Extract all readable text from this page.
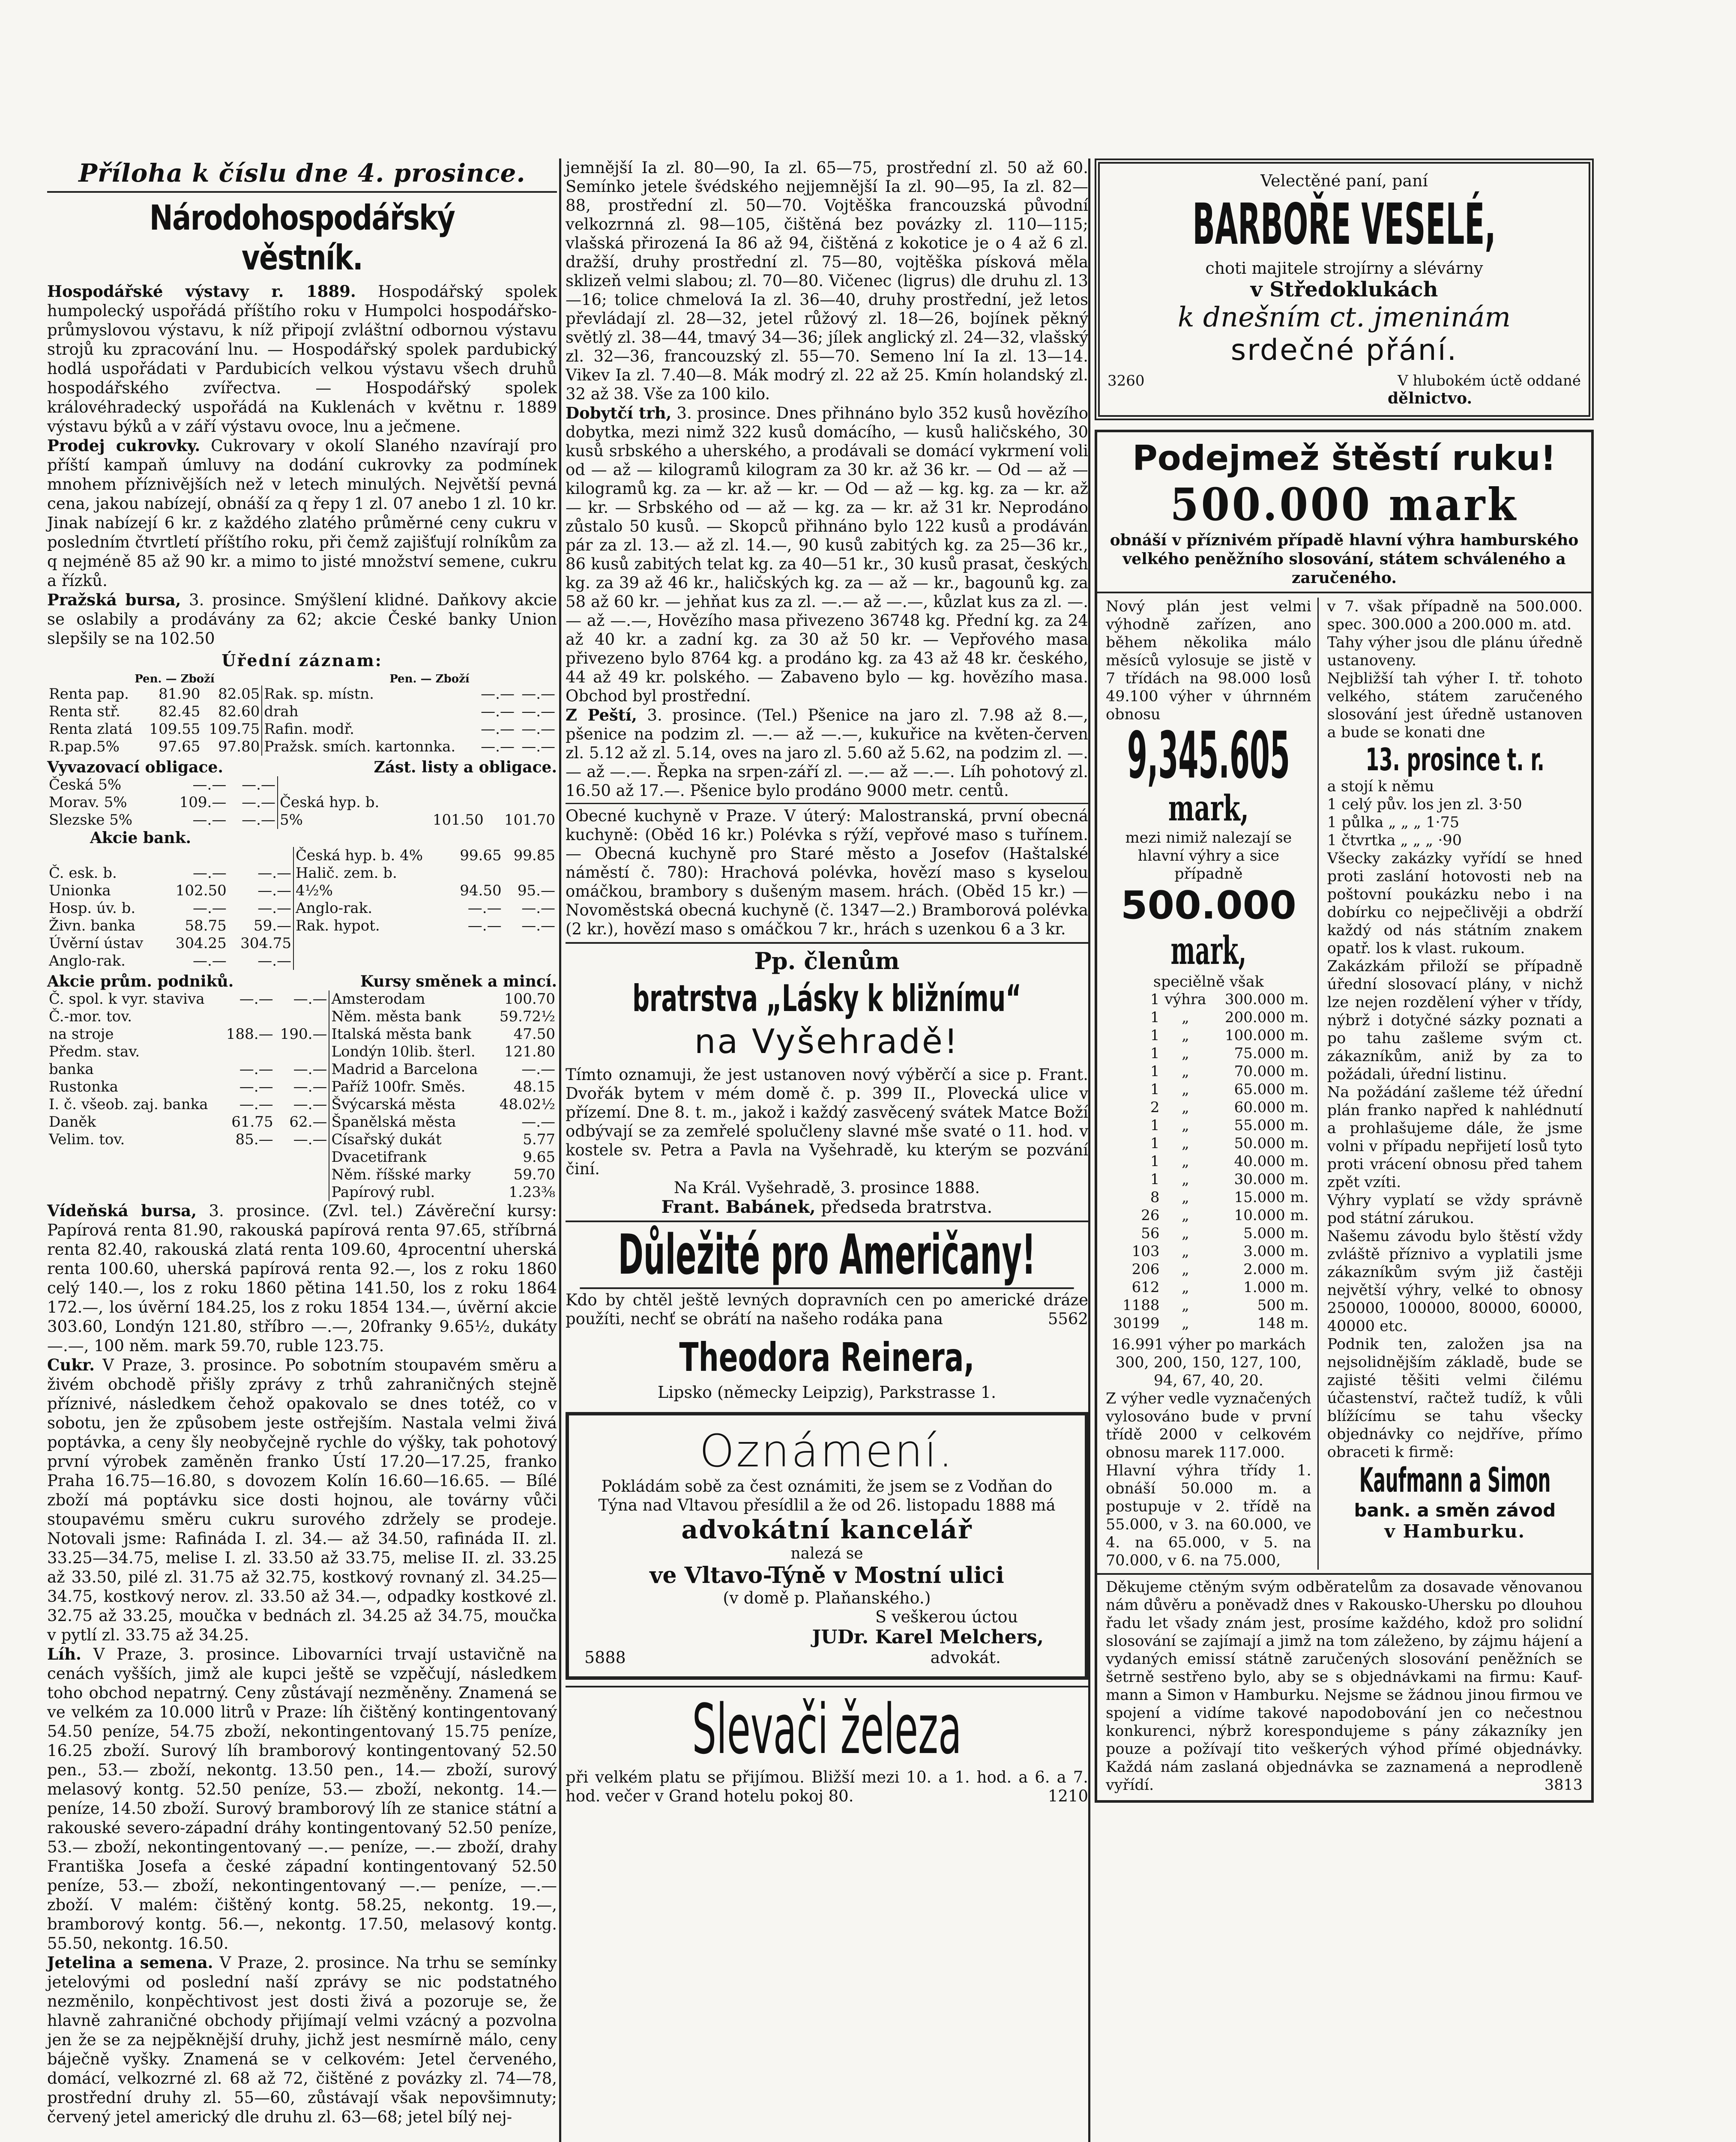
Příloha k číslu dne 4. prosince.
Národohospodářský věstník.

Hospodářské výstavy r. 1889. Hospodářský spolek humpolecký uspořádá příštího roku v Humpolci hospodářsko-průmyslovou výstavu, k níž připojí zvláštní odbornou výstavu strojů ku zpracování lnu. — Hospodářský spolek pardubický hodlá uspořádati v Pardubicích velkou výstavu všech druhů hospodářského zvířectva. — Hospodářský spolek královéhradecký uspořádá na Kuklenách v květnu r. 1889 výstavu býků a v září výstavu ovoce, lnu a ječmene.

Prodej cukrovky. Cukrovary v okolí Slaného nzavírají pro příští kampaň úmluvy na dodání cukrovky za podmínek mnohem příznivějších než v letech minulých. Největší pevná cena, jakou nabízejí, obnáší za q řepy 1 zl. 07 anebo 1 zl. 10 kr. Jinak nabízejí 6 kr. z každého zlatého průměrné ceny cukru v posledním čtvrtletí příštího roku, při čemž zajišťují rolníkům za q nejméně 85 až 90 kr. a mimo to jisté množství semene, cukru a řízků.

Pražská bursa, 3. prosince. Smýšlení klidné. Daňkovy akcie se oslabily a prodávány za 62; akcie České banky Union slepšily se na 102.50

Úřední záznam:
Pen. — Zboží	Pen. — Zboží
Renta pap.	81.90	82.05	Rak. sp. místn.	—.—	—.—
Renta stř.	82.45	82.60	drah	—.—	—.—
Renta zlatá	109.55	109.75	Rafin. modř.	—.—	—.—
R.pap.5%	97.65	97.80	Pražsk. smích. kartonnka.	—.—	—.—
Vyvazovací obligace.	Zást. listy a obligace.
Česká 5%	—.—	—.—			
Morav. 5%	109.—	—.—	Česká hyp. b.		
Slezske 5%	—.—	—.—	5%	101.50	101.70
Akcie bank.
			Česká hyp. b. 4%	99.65	99.85
Č. esk. b.	—.—	—.—	Halič. zem. b.		
Unionka	102.50	—.—	4½%	94.50	95.—
Hosp. úv. b.	—.—	—.—	Anglo-rak.	—.—	—.—
Živn. banka	58.75	59.—	Rak. hypot.	—.—	—.—
Úvěrní ústav	304.25	304.75			
Anglo-rak.	—.—	—.—			
Akcie prům. podniků.	Kursy směnek a mincí.
Č. spol. k vyr. staviva	—.—	—.—	Amsterodam		100.70
Č.-mor. tov.			Něm. města bank		59.72½
na stroje	188.—	190.—	Italská města bank		47.50
Předm. stav.			Londýn 10lib. šterl.		121.80
banka	—.—	—.—	Madrid a Barcelona		—.—
Rustonka	—.—	—.—	Paříž 100fr. Směs.		48.15
I. č. všeob. zaj. banka	—.—	—.—	Švýcarská města		48.02½
Daněk	61.75	62.—	Španělská města		—.—
Velim. tov.	85.—	—.—	Císařský dukát		5.77
			Dvacetifrank		9.65
			Něm. říšské marky		59.70
			Papírový rubl.		1.23⅜

Vídeňská bursa, 3. prosince. (Zvl. tel.) Závěreční kursy: Papírová renta 81.90, rakouská papírová renta 97.65, stříbrná renta 82.40, rakouská zlatá renta 109.60, 4procentní uherská renta 100.60, uherská papírová renta 92.—, los z roku 1860 celý 140.—, los z roku 1860 pětina 141.50, los z roku 1864 172.—, los úvěrní 184.25, los z roku 1854 134.—, úvěrní akcie 303.60, Londýn 121.80, stříbro —.—, 20franky 9.65½, dukáty —.—, 100 něm. mark 59.70, ruble 123.75.

Cukr. V Praze, 3. prosince. Po sobotním stoupavém směru a živém obchodě přišly zprávy z trhů zahraničných stejně příznivé, následkem čehož opakovalo se dnes totéž, co v sobotu, jen že způsobem jeste ostřejším. Nastala velmi živá poptávka, a ceny šly neobyčejně rychle do výšky, tak pohotový první výrobek zaměněn franko Ústí 17.20—17.25, franko Praha 16.75—16.80, s dovozem Kolín 16.60—16.65. — Bílé zboží má poptávku sice dosti hojnou, ale továrny vůči stoupavému směru cukru surového zdržely se prodeje. Notovali jsme: Rafináda I. zl. 34.— až 34.50, rafináda II. zl. 33.25—34.75, melise I. zl. 33.50 až 33.75, melise II. zl. 33.25 až 33.50, pilé zl. 31.75 až 32.75, kostkový rovnaný zl. 34.25—34.75, kostkový nerov. zl. 33.50 až 34.—, odpadky kostkové zl. 32.75 až 33.25, moučka v bednách zl. 34.25 až 34.75, moučka v pytlí zl. 33.75 až 34.25.

Líh. V Praze, 3. prosince. Libovarníci trvají ustavičně na cenách vyšších, jimž ale kupci ještě se vzpěčují, následkem toho obchod nepatrný. Ceny zůstávají nezměněny. Znamená se ve velkém za 10.000 litrů v Praze: líh čištěný kontingentovaný 54.50 peníze, 54.75 zboží, nekontingentovaný 15.75 peníze, 16.25 zboží. Surový líh bramborový kontingentovaný 52.50 pen., 53.— zboží, nekontg. 13.50 pen., 14.— zboží, surový melasový kontg. 52.50 peníze, 53.— zboží, nekontg. 14.— peníze, 14.50 zboží. Surový bramborový líh ze stanice státní a rakouské severo-západní dráhy kontingentovaný 52.50 peníze, 53.— zboží, nekontingentovaný —.— peníze, —.— zboží, drahy Františka Josefa a české západní kontingentovaný 52.50 peníze, 53.— zboží, nekontingentovaný —.— peníze, —.— zboží. V malém: čištěný kontg. 58.25, nekontg. 19.—, bramborový kontg. 56.—, nekontg. 17.50, melasový kontg. 55.50, nekontg. 16.50.

Jetelina a semena. V Praze, 2. prosince. Na trhu se semínky jetelovými od poslední naší zprávy se nic podstatného nezměnilo, konpěchtivost jest dosti živá a pozoruje se, že hlavně zahraničné obchody přijímají velmi vzácný a pozvolna jen že se za nejpěknější druhy, jichž jest nesmírně málo, ceny báječně vyšky. Znamená se v celkovém: Jetel červeného, domácí, velkozrné zl. 68 až 72, čištěné z povázky zl. 74—78, prostřední druhy zl. 55—60, zůstávají však nepovšimnuty; červený jetel americký dle druhu zl. 63—68; jetel bílý nej-

jemnější Ia zl. 80—90, Ia zl. 65—75, prostřední zl. 50 až 60. Semínko jetele švédského nejjemnější Ia zl. 90—95, Ia zl. 82—88, prostřední zl. 50—70. Vojtěška francouzská původní velkozrnná zl. 98—105, čištěná bez povázky zl. 110—115; vlašská přirozená Ia 86 až 94, čištěná z kokotice je o 4 až 6 zl. dražší, druhy prostřední zl. 75—80, vojtěška písková měla sklizeň velmi slabou; zl. 70—80. Vičenec (ligrus) dle druhu zl. 13—16; tolice chmelová Ia zl. 36—40, druhy prostřední, jež letos převládají zl. 28—32, jetel růžový zl. 18—26, bojínek pěkný světlý zl. 38—44, tmavý 34—36; jílek anglický zl. 24—32, vlašský zl. 32—36, francouzský zl. 55—70. Semeno lní Ia zl. 13—14. Vikev Ia zl. 7.40—8. Mák modrý zl. 22 až 25. Kmín holandský zl. 32 až 38. Vše za 100 kilo.

Dobytčí trh, 3. prosince. Dnes přihnáno bylo 352 kusů hovězího dobytka, mezi nimž 322 kusů domácího, — kusů haličského, 30 kusů srbského a uherského, a prodávali se domácí vykrmení voli od — až — kilogramů kilogram za 30 kr. až 36 kr. — Od — až — kilogramů kg. za — kr. až — kr. — Od — až — kg. kg. za — kr. až — kr. — Srbského od — až — kg. za — kr. až 31 kr. Neprodáno zůstalo 50 kusů. — Skopců přihnáno bylo 122 kusů a prodáván pár za zl. 13.— až zl. 14.—, 90 kusů zabitých kg. za 25—36 kr., 86 kusů zabitých telat kg. za 40—51 kr., 30 kusů prasat, českých kg. za 39 až 46 kr., haličských kg. za — až — kr., bagounů kg. za 58 až 60 kr. — jehňat kus za zl. —.— až —.—, kůzlat kus za zl. —.— až —.—, Hovězího masa přivezeno 36748 kg. Přední kg. za 24 až 40 kr. a zadní kg. za 30 až 50 kr. — Vepřového masa přivezeno bylo 8764 kg. a prodáno kg. za 43 až 48 kr. českého, 44 až 49 kr. polského. — Zabaveno bylo — kg. hovězího masa. Obchod byl prostřední.

Z Peští, 3. prosince. (Tel.) Pšenice na jaro zl. 7.98 až 8.—, pšenice na podzim zl. —.— až —.—, kukuřice na květen-červen zl. 5.12 až zl. 5.14, oves na jaro zl. 5.60 až 5.62, na podzim zl. —.— až —.—. Řepka na srpen-září zl. —.— až —.—. Líh pohotový zl. 16.50 až 17.—. Pšenice bylo prodáno 9000 metr. centů.

Obecné kuchyně v Praze. V úterý: Malostranská, první obecná kuchyně: (Oběd 16 kr.) Polévka s rýží, vepřové maso s tuřínem. — Obecná kuchyně pro Staré město a Josefov (Haštalské náměstí č. 780): Hrachová polévka, hovězí maso s kyselou omáčkou, brambory s dušeným masem. hrách. (Oběd 15 kr.) — Novoměstská obecná kuchyně (č. 1347—2.) Bramborová polévka (2 kr.), hovězí maso s omáčkou 7 kr., hrách s uzenkou 6 a 3 kr.

Pp. členům
bratrstva „Lásky k bližnímu“
na Vyšehradě!

Tímto oznamuji, že jest ustanoven nový výběrčí a sice p. Frant. Dvořák bytem v mém domě č. p. 399 II., Plovecká ulice v přízemí. Dne 8. t. m., jakož i každý zasvěcený svátek Matce Boží odbývají se za zemřelé spolučleny slavné mše svaté o 11. hod. v kostele sv. Petra a Pavla na Vyšehradě, ku kterým se pozvání činí.

Na Král. Vyšehradě, 3. prosince 1888.
Frant. Babánek, předseda bratrstva.
Důležité pro Američany!

Kdo by chtěl ještě levných dopravních cen po americké dráze použíti, nechť se obrátí na našeho rodáka pana	5562

Theodora Reinera,
Lipsko (německy Leipzig), Parkstrasse 1.
Oznámení.

Pokládám sobě za čest oznámiti, že jsem se z Vodňan do Týna nad Vltavou přesídlil a že od 26. listopadu 1888 má

advokátní kancelář
nalezá se
ve Vltavo-Týně v Mostní ulici
(v domě p. Plaňanského.)
S veškerou úctou
JUDr. Karel Melchers,
5888	advokát.
Slevači železa

při velkém platu se přijímou. Bližší mezi 10. a 1. hod. a 6. a 7. hod. večer v Grand hotelu pokoj 80.	1210

Velectěné paní, paní
BARBOŘE VESELÉ,
choti majitele strojírny a slévárny
v Středoklukách
k dnešním ct. jmeninám
srdečné přání.
3260	V hlubokém úctě oddané
dělnictvo.
Podejmež štěstí ruku!
500.000 mark

obnáší v příznivém případě hlavní výhra hamburského velkého peněžního slosování, státem schváleného a zaručeného.

Nový plán jest velmi výhodně zařízen, ano během několika málo měsíců vylosuje se jistě v 7 třídách na 98.000 losů 49.100 výher v úhrnném obnosu

9,345.605
mark,

mezi nimiž nalezají se hlavní výhry a sice případně

500.000
mark,
speciělně však
1	výhra	300.000	m.
1	„	200.000	m.
1	„	100.000	m.
1	„	75.000	m.
1	„	70.000	m.
1	„	65.000	m.
2	„	60.000	m.
1	„	55.000	m.
1	„	50.000	m.
1	„	40.000	m.
1	„	30.000	m.
8	„	15.000	m.
26	„	10.000	m.
56	„	5.000	m.
103	„	3.000	m.
206	„	2.000	m.
612	„	1.000	m.
1188	„	500	m.
30199	„	148	m.

16.991 výher po markách 300, 200, 150, 127, 100, 94, 67, 40, 20.

Z výher vedle vyznačených vylosováno bude v první třídě 2000 v celkovém obnosu marek 117.000.

Hlavní výhra třídy 1. obnáší 50.000 m. a postupuje v 2. třídě na 55.000, v 3. na 60.000, ve 4. na 65.000, v 5. na 70.000, v 6. na 75.000,

v 7. však případně na 500.000. spec. 300.000 a 200.000 m. atd.

Tahy výher jsou dle plánu úředně ustanoveny.

Nejbližší tah výher I. tř. tohoto velkého, státem zaručeného slosování jest úředně ustanoven a bude se konati dne

13. prosince t. r.

a stojí k němu

1 celý pův. los jen zl. 3·50
1 půlka „ „ „ 1·75
1 čtvrtka „ „ „ ·90

Všecky zakázky vyřídí se hned proti zaslání hotovosti neb na poštovní poukázku nebo i na dobírku co nejpečlivěji a obdrží každý od nás státním znakem opatř. los k vlast. rukoum.

Zakázkám přiloží se případně úřední slosovací plány, v nichž lze nejen rozdělení výher v třídy, nýbrž i dotyčné sázky poznati a po tahu zašleme svým ct. zákazníkům, aniž by za to požádali, úřední listinu.

Na požádání zašleme též úřední plán franko napřed k nahlédnutí a prohlašujeme dále, že jsme volni v případu nepřijetí losů tyto proti vrácení obnosu před tahem zpět vzíti.

Výhry vyplatí se vždy správně pod státní zárukou.

Našemu závodu bylo štěstí vždy zvláště příznivo a vyplatili jsme zákazníkům svým již častěji největší výhry, velké to obnosy 250000, 100000, 80000, 60000, 40000 etc.

Podnik ten, založen jsa na nejsolidnějším základě, bude se zajisté těšiti velmi čilému účastenství, račtež tudíž, k vůli blížícímu se tahu všecky objednávky co nejdříve, přímo obraceti k firmě:

Kaufmann a Simon
bank. a směn závod
v Hamburku.

Děkujeme ctěným svým odběratelům za dosavade věnovanou nám důvěru a poněvadž dnes v Rakousko-Uhersku po dlouhou řadu let všady znám jest, prosíme každého, kdož pro solidní slosování se zajímají a jimž na tom záleženo, by zájmu hájení a vydaných emissí státně zaručených slosování peněžních se šetrně sestřeno bylo, aby se s objednávkami na firmu: Kauf-mann a Simon v Hamburku. Nejsme se žádnou jinou firmou ve spojení a vidíme takové napodobování jen co nečestnou konkurenci, nýbrž korespondujeme s pány zákazníky jen pouze a požívají tito veškerých výhod přímé objednávky. Každá nám zaslaná objednávka se zaznamená a neprodleně vyřídí.	3813
